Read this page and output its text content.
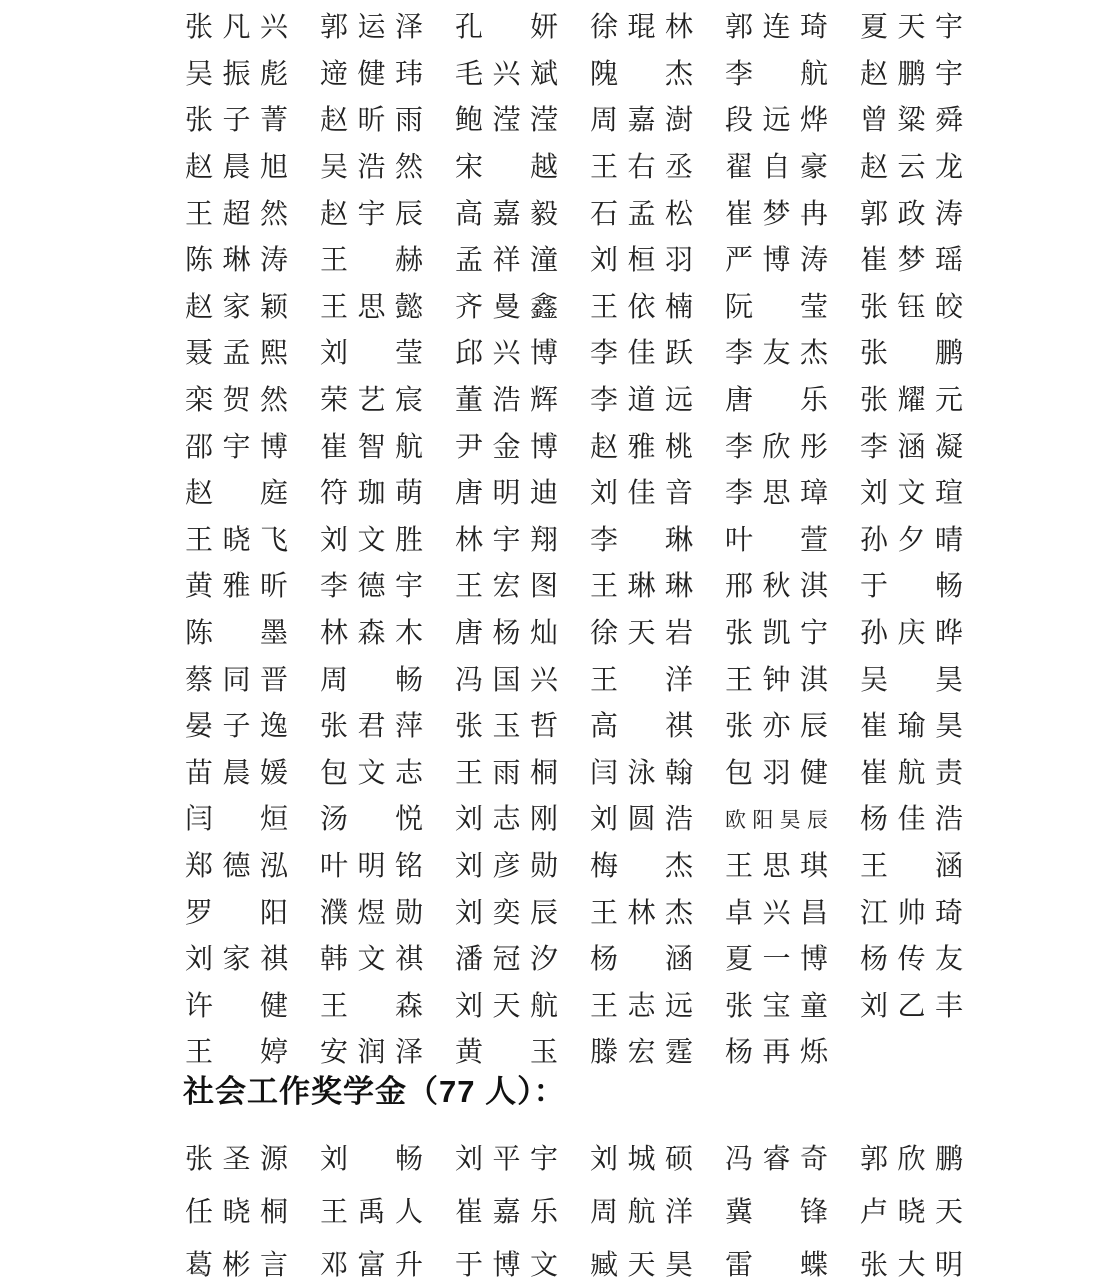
张凡兴 郭运泽 孔妍 徐琨林 郭连琦 夏天宇
吴振彪 遆健玮 毛兴斌 隗杰 李航 赵鹏宇
张子菁 赵昕雨 鲍滢滢 周嘉澍 段远烨 曾粱舜
赵晨旭 吴浩然 宋越 王右丞 翟自豪 赵云龙
王超然 赵宇辰 高嘉毅 石孟松 崔梦冉 郭政涛
陈琳涛 王赫 孟祥潼 刘桓羽 严博涛 崔梦瑶
赵家颖 王思懿 齐曼鑫 王依楠 阮莹 张钰皎
聂孟熙 刘莹 邱兴博 李佳跃 李友杰 张鹏
栾贺然 荣艺宸 董浩辉 李道远 唐乐 张耀元
邵宇博 崔智航 尹金博 赵雅桃 李欣彤 李涵凝
赵庭 符珈萌 唐明迪 刘佳音 李思璋 刘文瑄
王晓飞 刘文胜 林宇翔 李琳 叶萱 孙夕晴
黄雅昕 李德宇 王宏图 王琳琳 邢秋淇 于畅
陈墨 林森木 唐杨灿 徐天岩 张凯宁 孙庆晔
蔡同晋 周畅 冯国兴 王洋 王钟淇 吴昊
晏子逸 张君萍 张玉哲 高祺 张亦辰 崔瑜昊
苗晨媛 包文志 王雨桐 闫泳翰 包羽健 崔航责
闫烜 汤悦 刘志刚 刘圆浩 欧阳昊辰 杨佳浩
郑德泓 叶明铭 刘彦勋 梅杰 王思琪 王涵
罗阳 濮煜勋 刘奕辰 王林杰 卓兴昌 江帅琦
刘家祺 韩文祺 潘冠汐 杨涵 夏一博 杨传友
许健 王森 刘天航 王志远 张宝童 刘乙丰
王婷 安润泽 黄玉 滕宏霆 杨再烁
社会工作奖学金（77 人）：
张圣源 刘畅 刘平宇 刘城硕 冯睿奇 郭欣鹏
任晓桐 王禹人 崔嘉乐 周航洋 冀锋 卢晓天
葛彬言 邓富升 于博文 臧天昊 雷蝶 张大明
